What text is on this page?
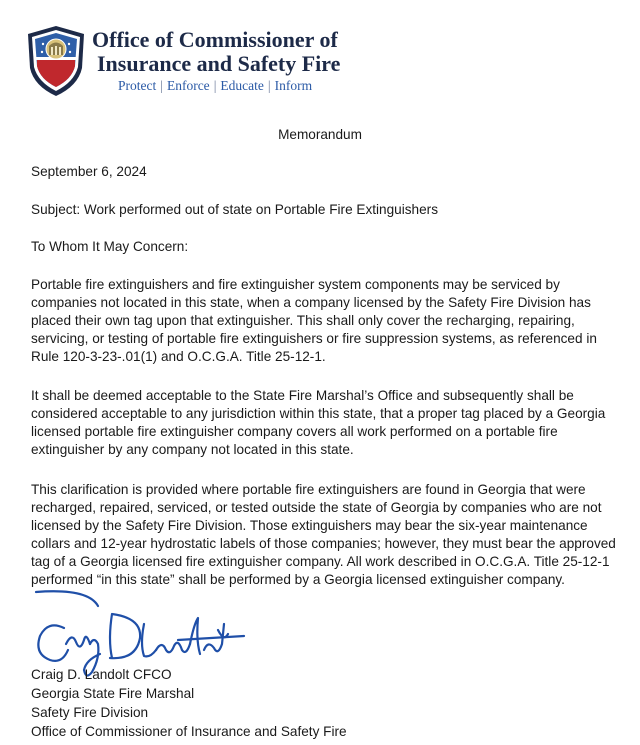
Office of Commissioner of
Insurance and Safety Fire
Protect | Enforce | Educate | Inform

Memorandum

September 6, 2024

Subject: Work performed out of state on Portable Fire Extinguishers

To Whom It May Concern:

Portable fire extinguishers and fire extinguisher system components may be serviced by companies not located in this state, when a company licensed by the Safety Fire Division has placed their own tag upon that extinguisher. This shall only cover the recharging, repairing, servicing, or testing of portable fire extinguishers or fire suppression systems, as referenced in Rule 120-3-23-.01(1) and O.C.G.A. Title 25-12-1.

It shall be deemed acceptable to the State Fire Marshal’s Office and subsequently shall be considered acceptable to any jurisdiction within this state, that a proper tag placed by a Georgia licensed portable fire extinguisher company covers all work performed on a portable fire extinguisher by any company not located in this state.

This clarification is provided where portable fire extinguishers are found in Georgia that were recharged, repaired, serviced, or tested outside the state of Georgia by companies who are not licensed by the Safety Fire Division. Those extinguishers may bear the six-year maintenance collars and 12-year hydrostatic labels of those companies; however, they must bear the approved tag of a Georgia licensed fire extinguisher company. All work described in O.C.G.A. Title 25-12-1 performed “in this state” shall be performed by a Georgia licensed extinguisher company.

Craig D. Landolt CFCO
Georgia State Fire Marshal
Safety Fire Division
Office of Commissioner of Insurance and Safety Fire
